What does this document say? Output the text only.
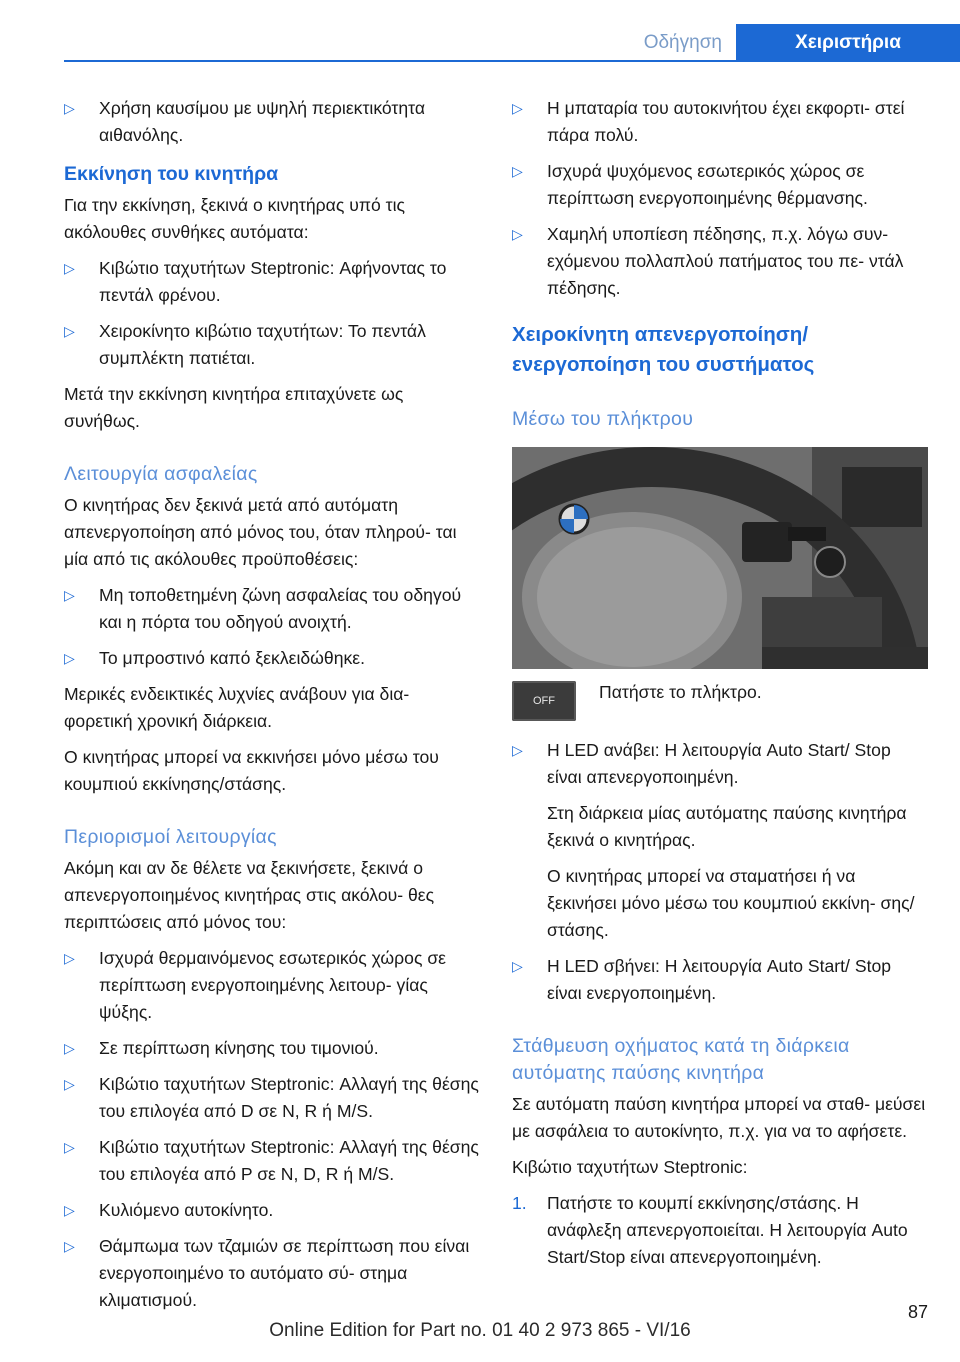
Οδήγηση	Χειριστήρια
▷ Χρήση καυσίμου με υψηλή περιεκτικότητα αιθανόλης.
Εκκίνηση του κινητήρα

Για την εκκίνηση, ξεκινά ο κινητήρας υπό τις ακόλουθες συνθήκες αυτόματα:

▷ Κιβώτιο ταχυτήτων Steptronic: Αφήνοντας το πεντάλ φρένου.
▷ Χειροκίνητο κιβώτιο ταχυτήτων: Το πεντάλ συμπλέκτη πατιέται.

Μετά την εκκίνηση κινητήρα επιταχύνετε ως συνήθως.

Λειτουργία ασφαλείας

Ο κινητήρας δεν ξεκινά μετά από αυτόματη απενεργοποίηση από μόνος του, όταν πληρού‐ ται μία από τις ακόλουθες προϋποθέσεις:

▷ Μη τοποθετημένη ζώνη ασφαλείας του οδηγού και η πόρτα του οδηγού ανοιχτή.
▷ Το μπροστινό καπό ξεκλειδώθηκε.

Μερικές ενδεικτικές λυχνίες ανάβουν για δια‐ φορετική χρονική διάρκεια.

Ο κινητήρας μπορεί να εκκινήσει μόνο μέσω του κουμπιού εκκίνησης/στάσης.

Περιορισμοί λειτουργίας

Ακόμη και αν δε θέλετε να ξεκινήσετε, ξεκινά ο απενεργοποιημένος κινητήρας στις ακόλου‐ θες περιπτώσεις από μόνος του:

▷ Ισχυρά θερμαινόμενος εσωτερικός χώρος σε περίπτωση ενεργοποιημένης λειτουρ‐ γίας ψύξης.
▷ Σε περίπτωση κίνησης του τιμονιού.
▷ Κιβώτιο ταχυτήτων Steptronic: Αλλαγή της θέσης του επιλογέα από D σε N, R ή M/S.
▷ Κιβώτιο ταχυτήτων Steptronic: Αλλαγή της θέσης του επιλογέα από P σε N, D, R ή M/S.
▷ Κυλιόμενο αυτοκίνητο.
▷ Θάμπωμα των τζαμιών σε περίπτωση που είναι ενεργοποιημένο το αυτόματο σύ‐ στημα κλιματισμού.
▷ Η μπαταρία του αυτοκινήτου έχει εκφορτι‐ στεί πάρα πολύ.
▷ Ισχυρά ψυχόμενος εσωτερικός χώρος σε περίπτωση ενεργοποιημένης θέρμανσης.
▷ Χαμηλή υποπίεση πέδησης, π.χ. λόγω συν‐ εχόμενου πολλαπλού πατήματος του πε‐ ντάλ πέδησης.
Χειροκίνητη απενεργοποίηση/ ενεργοποίηση του συστήματος
Μέσω του πλήκτρου
OFF	Πατήστε το πλήκτρο.

▷ Η LED ανάβει: Η λειτουργία Auto Start/ Stop είναι απενεργοποιημένη.
Στη διάρκεια μίας αυτόματης παύσης κινητήρα ξεκινά ο κινητήρας.
Ο κινητήρας μπορεί να σταματήσει ή να ξεκινήσει μόνο μέσω του κουμπιού εκκίνη‐ σης/στάσης.
▷ Η LED σβήνει: Η λειτουργία Auto Start/ Stop είναι ενεργοποιημένη.
Στάθμευση οχήματος κατά τη διάρκεια αυτόματης παύσης κινητήρα

Σε αυτόματη παύση κινητήρα μπορεί να σταθ‐ μεύσει με ασφάλεια το αυτοκίνητο, π.χ. για να το αφήσετε.

Κιβώτιο ταχυτήτων Steptronic:

1. Πατήστε το κουμπί εκκίνησης/στάσης. Η ανάφλεξη απενεργοποιείται. Η λειτουργία Auto Start/Stop είναι απενεργοποιημένη.
87
Online Edition for Part no. 01 40 2 973 865 - VI/16
